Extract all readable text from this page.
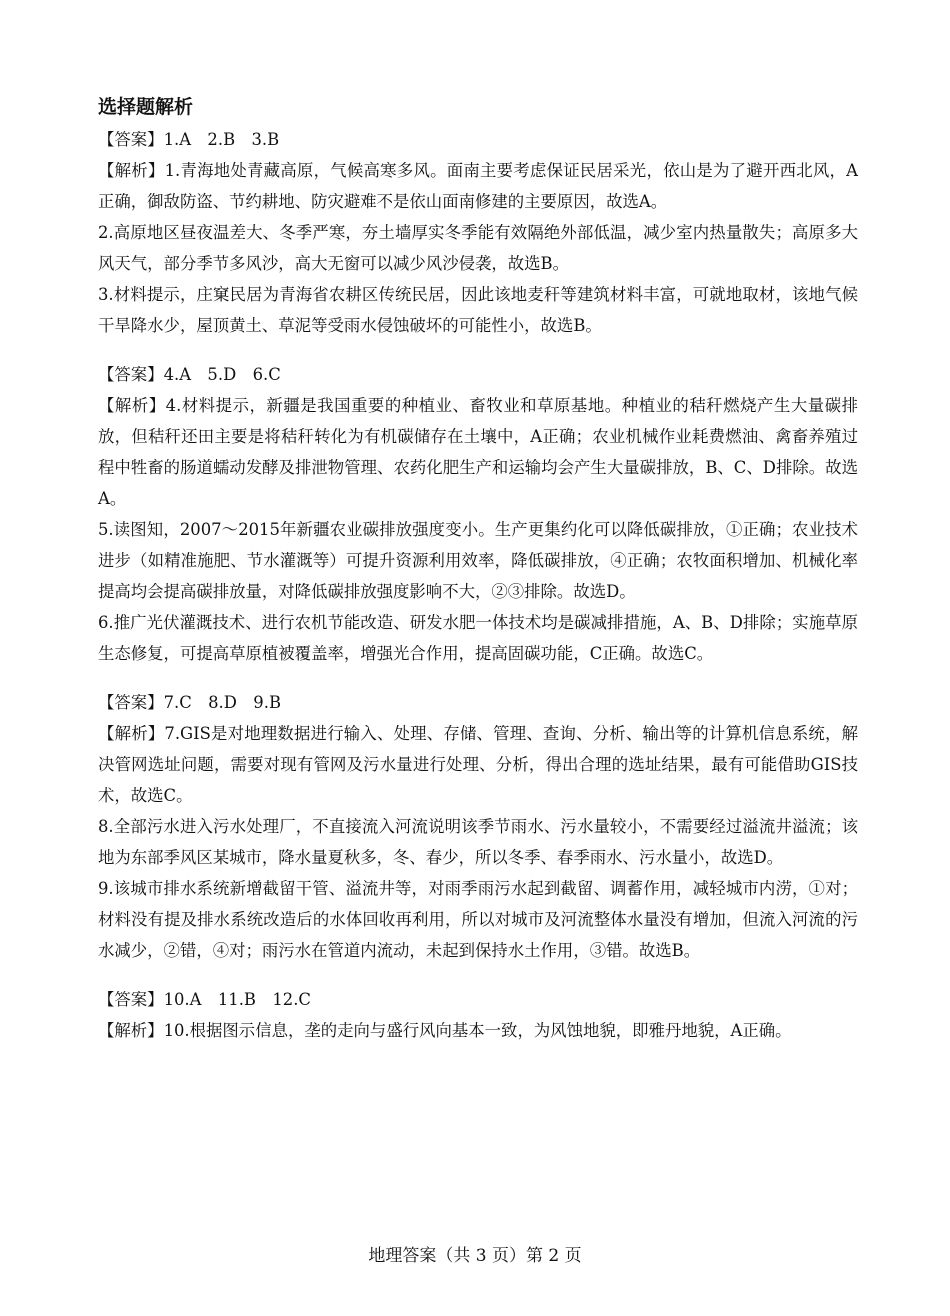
选择题解析

【答案】1.A　2.B　3.B

【解析】1.青海地处青藏高原，气候高寒多风。面南主要考虑保证民居采光，依山是为了避开西北风，A正确，御敌防盗、节约耕地、防灾避难不是依山面南修建的主要原因，故选A。

2.高原地区昼夜温差大、冬季严寒，夯土墙厚实冬季能有效隔绝外部低温，减少室内热量散失；高原多大风天气，部分季节多风沙，高大无窗可以减少风沙侵袭，故选B。

3.材料提示，庄窠民居为青海省农耕区传统民居，因此该地麦秆等建筑材料丰富，可就地取材，该地气候干旱降水少，屋顶黄土、草泥等受雨水侵蚀破坏的可能性小，故选B。

【答案】4.A　5.D　6.C

【解析】4.材料提示，新疆是我国重要的种植业、畜牧业和草原基地。种植业的秸秆燃烧产生大量碳排放，但秸秆还田主要是将秸秆转化为有机碳储存在土壤中，A正确；农业机械作业耗费燃油、禽畜养殖过程中牲畜的肠道蠕动发酵及排泄物管理、农药化肥生产和运输均会产生大量碳排放，B、C、D排除。故选A。

5.读图知，2007～2015年新疆农业碳排放强度变小。生产更集约化可以降低碳排放，①正确；农业技术进步（如精准施肥、节水灌溉等）可提升资源利用效率，降低碳排放，④正确；农牧面积增加、机械化率提高均会提高碳排放量，对降低碳排放强度影响不大，②③排除。故选D。

6.推广光伏灌溉技术、进行农机节能改造、研发水肥一体技术均是碳减排措施，A、B、D排除；实施草原生态修复，可提高草原植被覆盖率，增强光合作用，提高固碳功能，C正确。故选C。

【答案】7.C　8.D　9.B

【解析】7.GIS是对地理数据进行输入、处理、存储、管理、查询、分析、输出等的计算机信息系统，解决管网选址问题，需要对现有管网及污水量进行处理、分析，得出合理的选址结果，最有可能借助GIS技术，故选C。

8.全部污水进入污水处理厂，不直接流入河流说明该季节雨水、污水量较小，不需要经过溢流井溢流；该地为东部季风区某城市，降水量夏秋多，冬、春少，所以冬季、春季雨水、污水量小，故选D。

9.该城市排水系统新增截留干管、溢流井等，对雨季雨污水起到截留、调蓄作用，减轻城市内涝，①对；材料没有提及排水系统改造后的水体回收再利用，所以对城市及河流整体水量没有增加，但流入河流的污水减少，②错，④对；雨污水在管道内流动，未起到保持水土作用，③错。故选B。

【答案】10.A　11.B　12.C

【解析】10.根据图示信息，垄的走向与盛行风向基本一致，为风蚀地貌，即雅丹地貌，A正确。

地理答案（共 3 页）第 2 页
